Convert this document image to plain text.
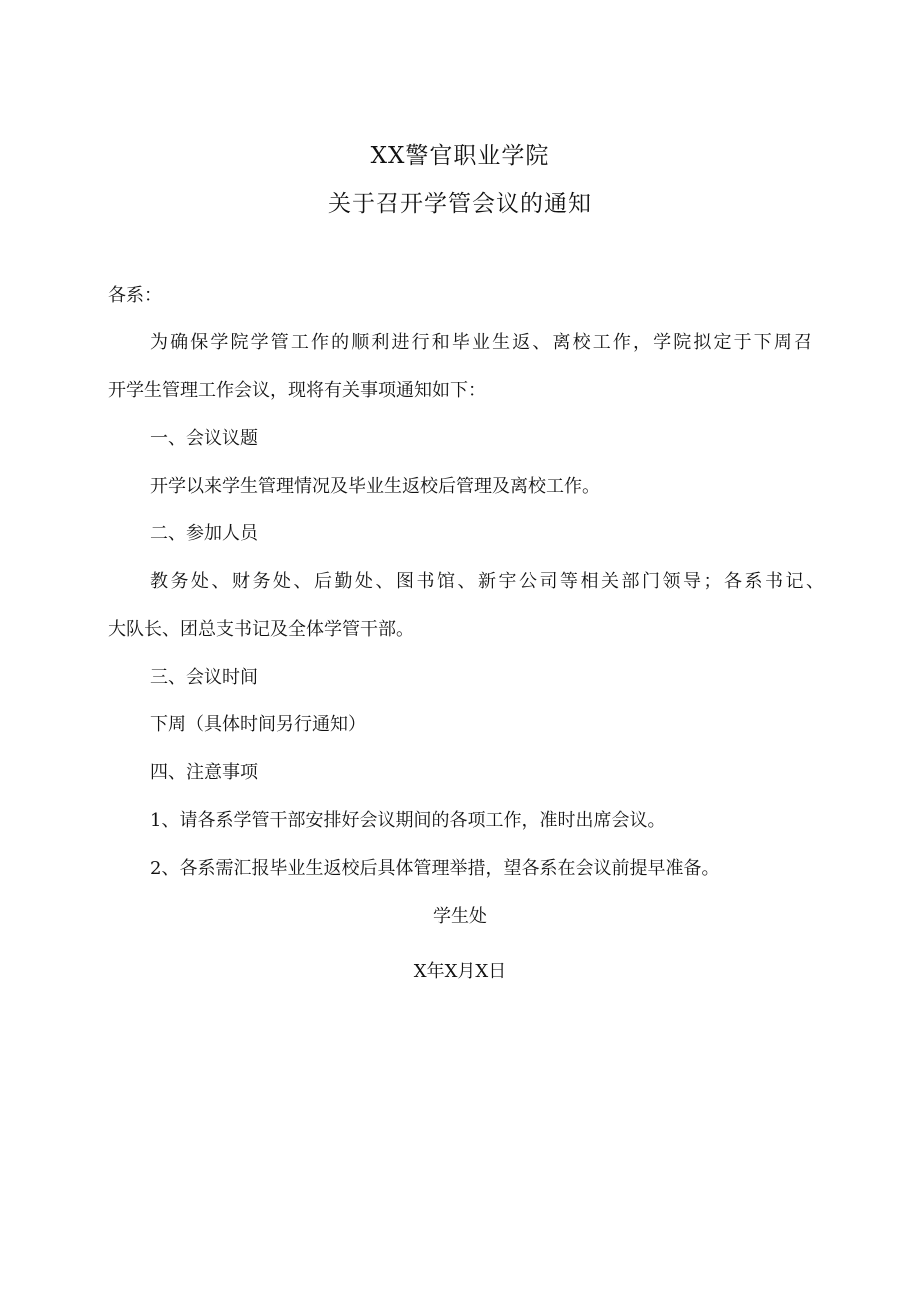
XX警官职业学院
关于召开学管会议的通知
各系：
为确保学院学管工作的顺利进行和毕业生返、离校工作，学院拟定于下周召
开学生管理工作会议，现将有关事项通知如下：
一、会议议题
开学以来学生管理情况及毕业生返校后管理及离校工作。
二、参加人员
教务处、财务处、后勤处、图书馆、新宇公司等相关部门领导；各系书记、
大队长、团总支书记及全体学管干部。
三、会议时间
下周（具体时间另行通知）
四、注意事项
1、请各系学管干部安排好会议期间的各项工作，准时出席会议。
2、各系需汇报毕业生返校后具体管理举措，望各系在会议前提早准备。
学生处
X年X月X日
